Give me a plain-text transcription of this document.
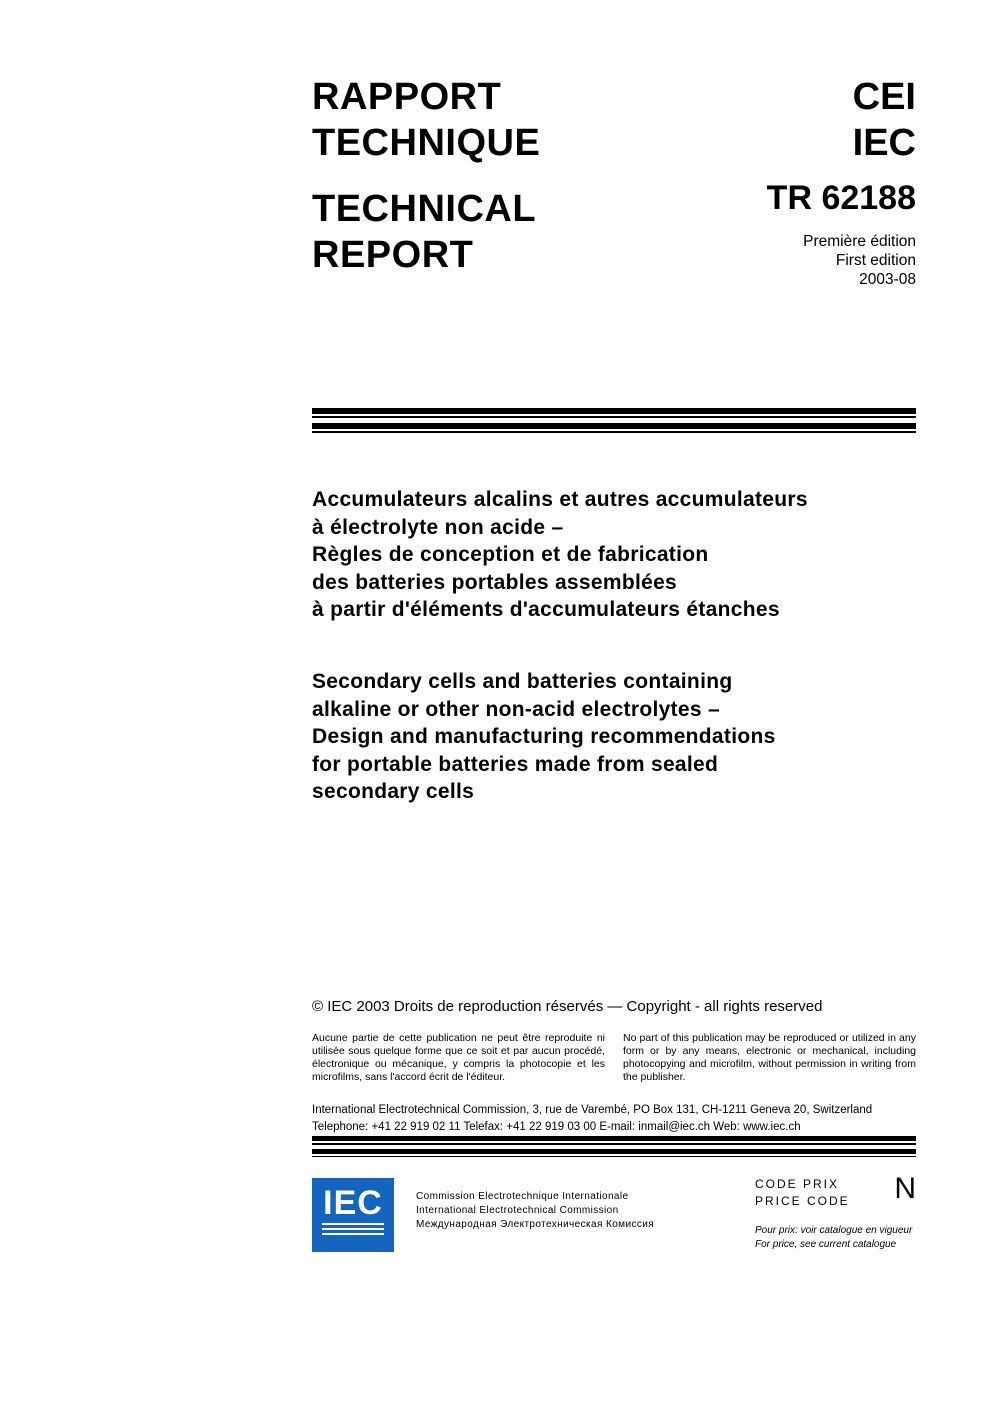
RAPPORT
TECHNIQUE
TECHNICAL
REPORT
CEI
IEC
TR 62188
Première édition
First edition
2003-08
Accumulateurs alcalins et autres accumulateurs
à électrolyte non acide –
Règles de conception et de fabrication
des batteries portables assemblées
à partir d'éléments d'accumulateurs étanches
Secondary cells and batteries containing
alkaline or other non-acid electrolytes –
Design and manufacturing recommendations
for portable batteries made from sealed
secondary cells
© IEC 2003 Droits de reproduction réservés — Copyright - all rights reserved
Aucune partie de cette publication ne peut être reproduite ni utilisée sous quelque forme que ce soit et par aucun procédé, électronique ou mécanique, y compris la photocopie et les microfilms, sans l'accord écrit de l'éditeur.
No part of this publication may be reproduced or utilized in any form or by any means, electronic or mechanical, including photocopying and microfilm, without permission in writing from the publisher.
International Electrotechnical Commission, 3, rue de Varembé, PO Box 131, CH-1211 Geneva 20, Switzerland
Telephone: +41 22 919 02 11 Telefax: +41 22 919 03 00 E-mail: inmail@iec.ch Web: www.iec.ch
IEC	Commission Electrotechnique Internationale
International Electrotechnical Commission
Международная Электротехническая Комиссия
CODE PRIX
PRICE CODE N
Pour prix: voir catalogue en vigueur
For price, see current catalogue
